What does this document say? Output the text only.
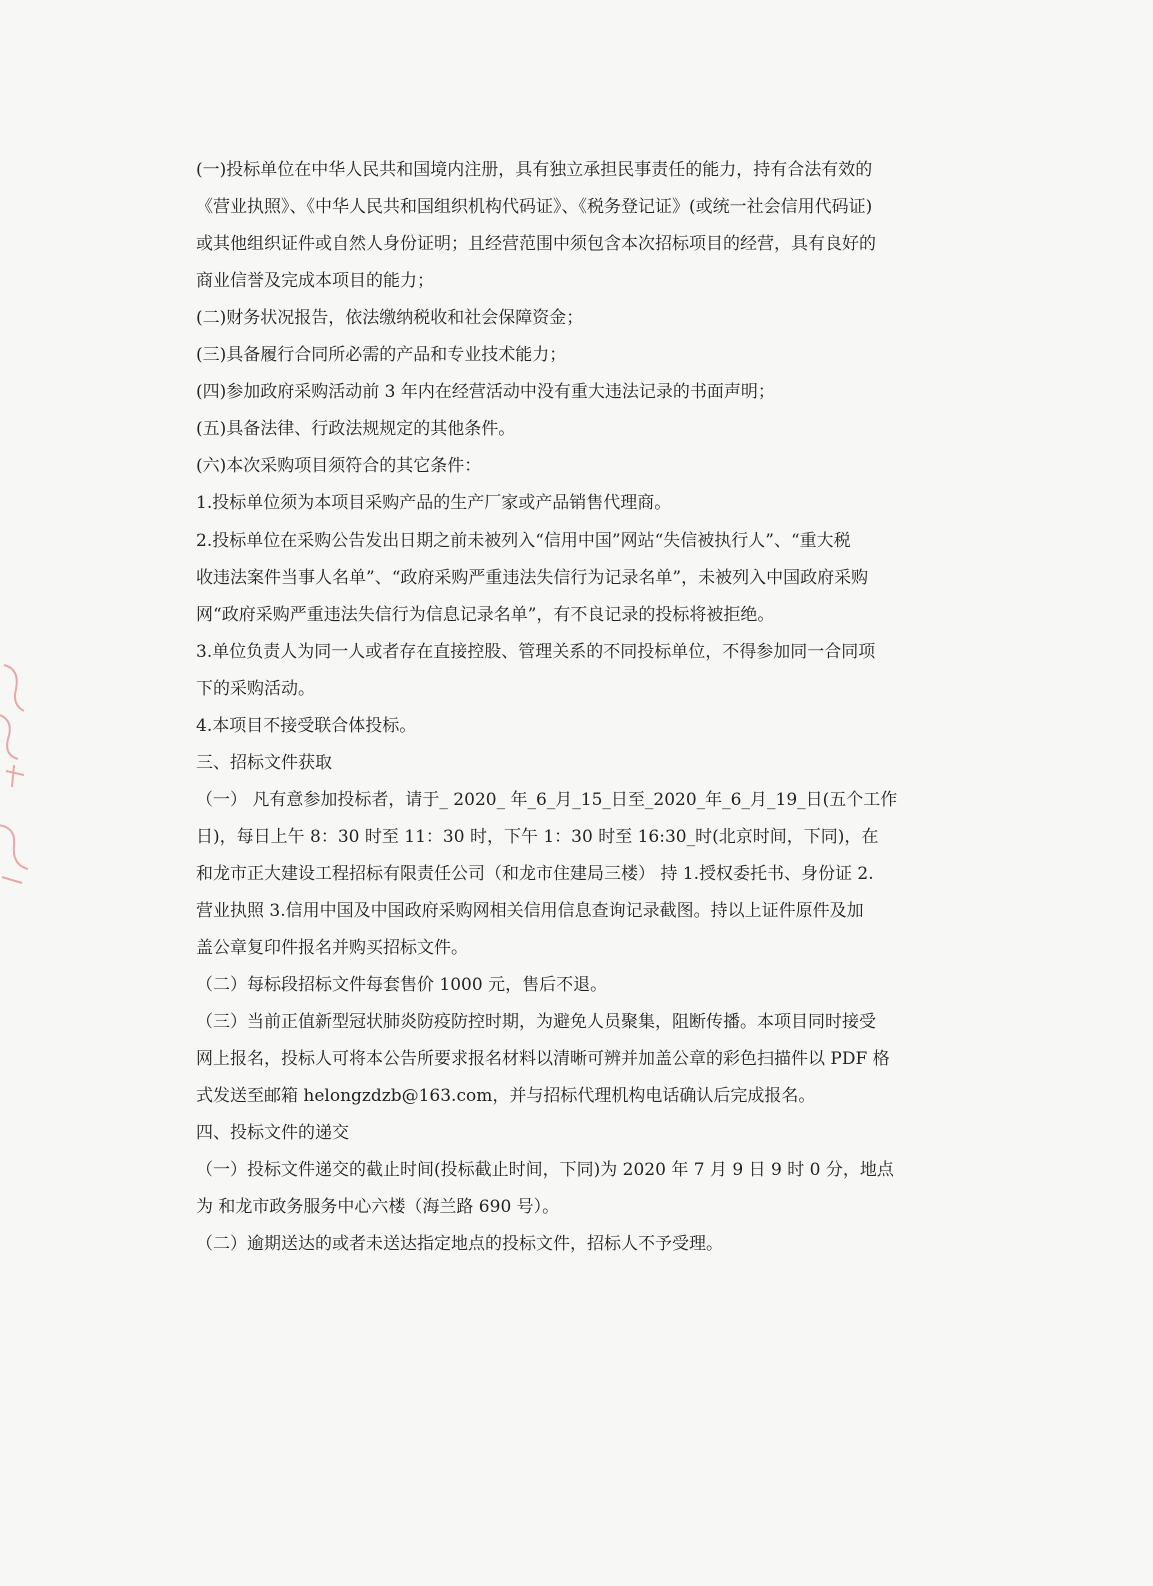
(一)投标单位在中华人民共和国境内注册，具有独立承担民事责任的能力，持有合法有效的
《营业执照》、《中华人民共和国组织机构代码证》、《税务登记证》(或统一社会信用代码证)
或其他组织证件或自然人身份证明；且经营范围中须包含本次招标项目的经营，具有良好的
商业信誉及完成本项目的能力；
(二)财务状况报告，依法缴纳税收和社会保障资金；
(三)具备履行合同所必需的产品和专业技术能力；
(四)参加政府采购活动前 3 年内在经营活动中没有重大违法记录的书面声明；
(五)具备法律、行政法规规定的其他条件。
(六)本次采购项目须符合的其它条件：
1.投标单位须为本项目采购产品的生产厂家或产品销售代理商。
2.投标单位在采购公告发出日期之前未被列入“信用中国”网站“失信被执行人”、“重大税
收违法案件当事人名单”、“政府采购严重违法失信行为记录名单”，未被列入中国政府采购
网“政府采购严重违法失信行为信息记录名单”，有不良记录的投标将被拒绝。
3.单位负责人为同一人或者存在直接控股、管理关系的不同投标单位，不得参加同一合同项
下的采购活动。
4.本项目不接受联合体投标。
三、招标文件获取
（一） 凡有意参加投标者，请于_ 2020_ 年_6_月_15_日至_2020_年_6_月_19_日(五个工作
日)，每日上午 8：30 时至 11：30 时，下午 1：30 时至 16:30_时(北京时间，下同)，在
和龙市正大建设工程招标有限责任公司（和龙市住建局三楼） 持 1.授权委托书、身份证 2.
营业执照 3.信用中国及中国政府采购网相关信用信息查询记录截图。持以上证件原件及加
盖公章复印件报名并购买招标文件。
（二）每标段招标文件每套售价 1000 元，售后不退。
（三）当前正值新型冠状肺炎防疫防控时期，为避免人员聚集，阻断传播。本项目同时接受
网上报名，投标人可将本公告所要求报名材料以清晰可辨并加盖公章的彩色扫描件以 PDF 格
式发送至邮箱 helongzdzb@163.com，并与招标代理机构电话确认后完成报名。
四、投标文件的递交
（一）投标文件递交的截止时间(投标截止时间，下同)为 2020 年 7 月 9 日 9 时 0 分，地点
为 和龙市政务服务中心六楼（海兰路 690 号）。
（二）逾期送达的或者未送达指定地点的投标文件，招标人不予受理。
